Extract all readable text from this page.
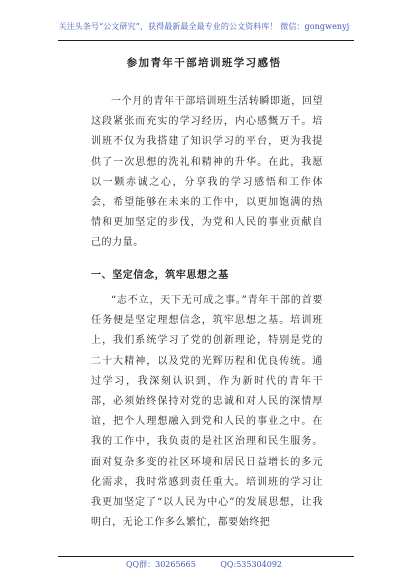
关注头条号“公文研究”，获得最新最全最专业的公文资料库！ 微信：gongwenyj
参加青年干部培训班学习感悟
一个月的青年干部培训班生活转瞬即逝，回望这段紧张而充实的学习经历，内心感慨万千。培训班不仅为我搭建了知识学习的平台，更为我提供了一次思想的洗礼和精神的升华。在此，我愿以一颗赤诚之心，分享我的学习感悟和工作体会，希望能够在未来的工作中，以更加饱满的热情和更加坚定的步伐，为党和人民的事业贡献自己的力量。
一、坚定信念，筑牢思想之基
“志不立，天下无可成之事。”青年干部的首要任务便是坚定理想信念，筑牢思想之基。培训班上，我们系统学习了党的创新理论，特别是党的二十大精神，以及党的光辉历程和优良传统。通过学习，我深刻认识到，作为新时代的青年干部，必须始终保持对党的忠诚和对人民的深情厚谊，把个人理想融入到党和人民的事业之中。在我的工作中，我负责的是社区治理和民生服务。面对复杂多变的社区环境和居民日益增长的多元化需求，我时常感到责任重大。培训班的学习让我更加坚定了“以人民为中心”的发展思想，让我明白，无论工作多么繁忙，都要始终把
QQ群：30265665	QQ:535304092
